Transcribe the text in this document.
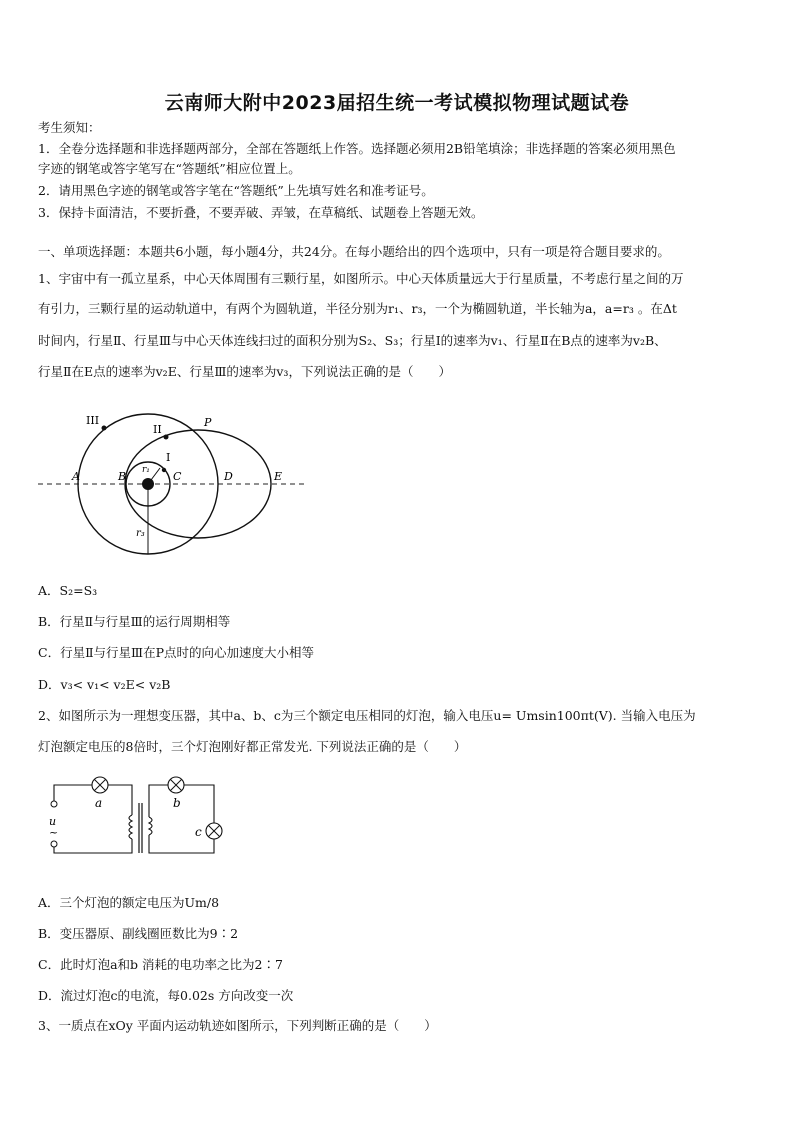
云南师大附中2023届招生统一考试模拟物理试题试卷
考生须知：
1．全卷分选择题和非选择题两部分，全部在答题纸上作答。选择题必须用2B铅笔填涂；非选择题的答案必须用黑色
字迹的钢笔或答字笔写在“答题纸”相应位置上。
2．请用黑色字迹的钢笔或答字笔在“答题纸”上先填写姓名和准考证号。
3．保持卡面清洁，不要折叠，不要弄破、弄皱，在草稿纸、试题卷上答题无效。
一、单项选择题：本题共6小题，每小题4分，共24分。在每小题给出的四个选项中，只有一项是符合题目要求的。
1、宇宙中有一孤立星系，中心天体周围有三颗行星，如图所示。中心天体质量远大于行星质量，不考虑行星之间的万
有引力，三颗行星的运动轨道中，有两个为圆轨道，半径分别为r₁、r₃，一个为椭圆轨道，半长轴为a，a=r₃ 。在Δt
时间内，行星Ⅱ、行星Ⅲ与中心天体连线扫过的面积分别为S₂、S₃；行星Ⅰ的速率为v₁、行星Ⅱ在B点的速率为v₂B、
行星Ⅱ在E点的速率为v₂E、行星Ⅲ的速率为v₃，下列说法正确的是（　　）
III
II
P
I
A	B	C	D	E
r₁
r₃
A．S₂=S₃
B．行星Ⅱ与行星Ⅲ的运行周期相等
C．行星Ⅱ与行星Ⅲ在P点时的向心加速度大小相等
D．v₃< v₁< v₂E< v₂B
2、如图所示为一理想变压器，其中a、b、c为三个额定电压相同的灯泡，输入电压u= Umsin100πt(V). 当输入电压为
灯泡额定电压的8倍时，三个灯泡刚好都正常发光. 下列说法正确的是（　　）
u
~
a	b
c
A．三个灯泡的额定电压为Um/8
B．变压器原、副线圈匝数比为9∶2
C．此时灯泡a和b 消耗的电功率之比为2∶7
D．流过灯泡c的电流，每0.02s 方向改变一次
3、一质点在xOy 平面内运动轨迹如图所示，下列判断正确的是（　　）
